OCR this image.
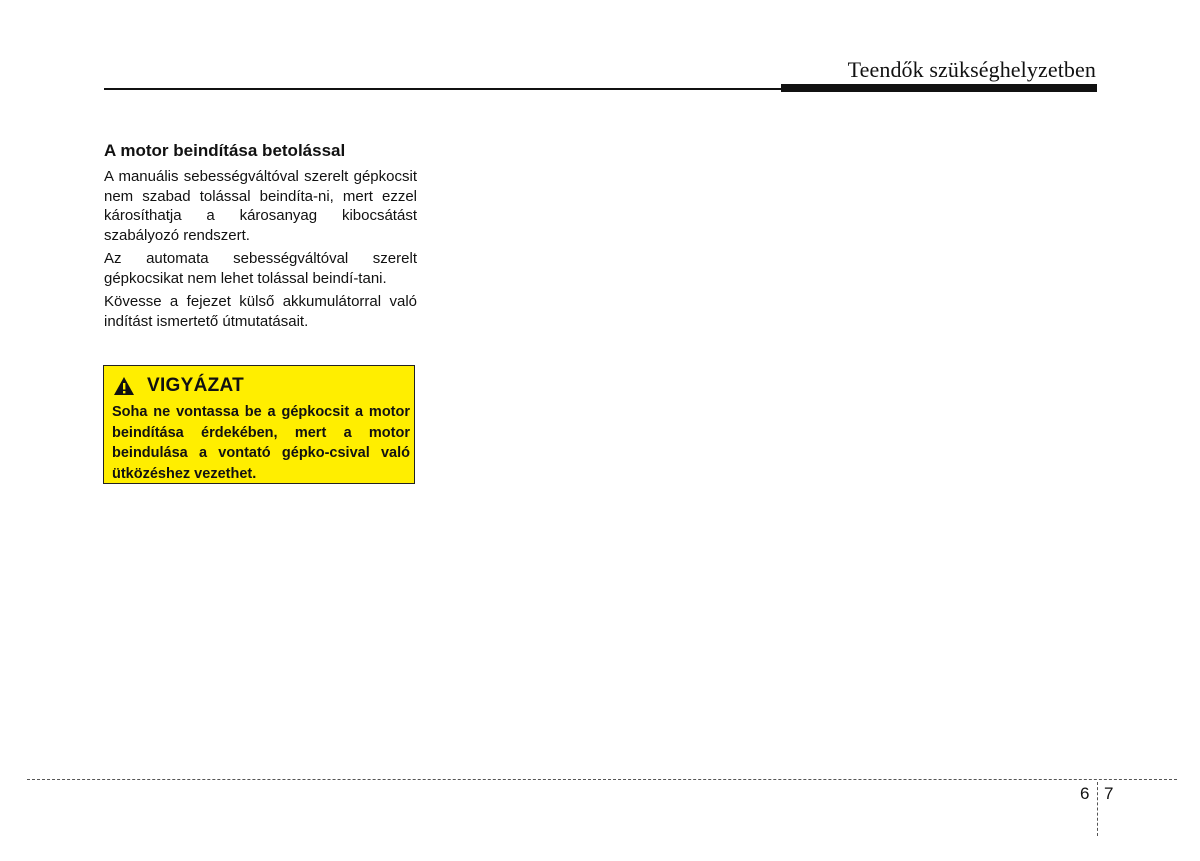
Teendők szükséghelyzetben
A motor beindítása betolással

A manuális sebességváltóval szerelt gépkocsit nem szabad tolással beindíta-ni, mert ezzel károsíthatja a károsanyag kibocsátást szabályozó rendszert.

Az automata sebességváltóval szerelt gépkocsikat nem lehet tolással beindí-tani.

Kövesse a fejezet külső akkumulátorral való indítást ismertető útmutatásait.

VIGYÁZAT
Soha ne vontassa be a gépkocsit a motor beindítása érdekében, mert a motor beindulása a vontató gépko-csival való ütközéshez vezethet.
6 7
